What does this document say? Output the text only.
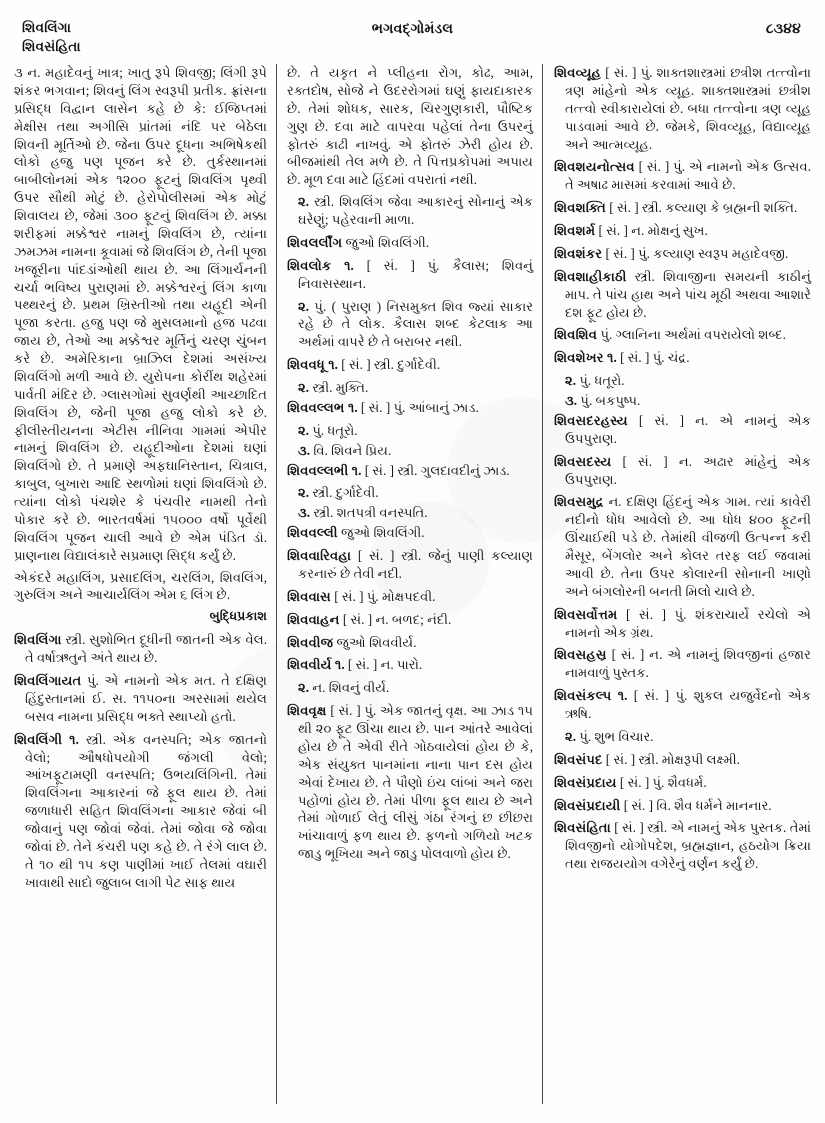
શિવલિંગા
શિવસંહિતા
ભગવદ્ગોમંડલ	૮૩૪૪

૩ ન. મહાદેવનું ખાત્ર; ખાતુ રૂપે શિવજી; લિંગી રૂપે શંકર ભગવાન; શિવનું લિંગ સ્વરૂપી પ્રતીક. ફ્રાંસના પ્રસિદ્ધ વિદ્વાન લાસેન કહે છે કે: ઈજિપ્તમાં મેક્ષીસ તથા અગીસિ પ્રાંતમાં નંદિ પર બેઠેલા શિવની મૂર્તિઓ છે. જેના ઉપર દૂધના અભિષેકથી લોકો હજુ પણ પૂજન કરે છે. તુર્કસ્થાનમાં બાબીલોનમાં એક ૧૨૦૦ ફૂટનું શિવલિંગ પૃથ્વી ઉપર સૌથી મોટું છે. હેરોપોલીસમાં એક મોટું શિવાલય છે, જેમાં ૩૦૦ ફૂટનું શિવલિંગ છે. મક્કા શરીફમાં મક્કેશ્વર નામનું શિવલિંગ છે, ત્યાંના ઝમઝમ નામના કૂવામાં જે શિવલિંગ છે, તેની પૂજા ખજૂરીના પાંદડાંઓથી થાય છે. આ લિંગાર્ચનની ચર્ચા ભવિષ્ય પુરાણમાં છે. મક્કેશ્વરનું લિંગ કાળા પથ્થરનું છે. પ્રથમ ખ્રિસ્તીઓ તથા યહૂદી એની પૂજા કરતા. હજુ પણ જે મુસલમાનો હજ પઢવા જાય છે, તેઓ આ મક્કેશ્વર મૂર્તિનું ચરણ ચુંબન કરે છે. અમેરિકાના બ્રાઝિલ દેશમાં અસંખ્ય શિવલિંગો મળી આવે છે. યુરોપના કોરીંથ શહેરમાં પાર્વતી મંદિર છે. ગ્લાસગોમાં સુવર્ણથી આચ્છાદિત શિવલિંગ છે, જેની પૂજા હજુ લોકો કરે છે. ફીલીસ્તીયનના એટીસ નીનિવા ગામમાં એપીર નામનું શિવલિંગ છે. યહૂદીઓના દેશમાં ઘણાં શિવલિંગો છે. તે પ્રમાણે અફઘાનિસ્તાન, ચિત્રાલ, કાબુલ, બુખારા આદિ સ્થળોમાં ઘણાં શિવલિંગો છે. ત્યાંના લોકો પંચશેર કે પંચવીર નામથી તેનો પોકાર કરે છે. ભારતવર્ષમાં ૧૫૦૦૦ વર્ષો પૂર્વેથી શિવલિંગ પૂજન ચાલી આવે છે એમ પંડિત ડૉ. પ્રાણનાથ વિદ્યાલંકારે સપ્રમાણ સિદ્ધ કર્યું છે.

એકંદરે મહાલિંગ, પ્રસાદલિંગ, ચરલિંગ, શિવલિંગ, ગુરુલિંગ અને આચાર્યલિંગ એમ ૬ લિંગ છે.

બુદ્ધિપ્રકાશ

શિવલિંગા સ્ત્રી. સુશોભિત દૂધીની જાતની એક વેલ. તે વર્ષાઋતુને અંતે થાય છે.

શિવલિંગાયત પું. એ નામનો એક મત. તે દક્ષિણ હિંદુસ્તાનમાં ઈ. સ. ૧૧૫૦ના અરસામાં થયેલ બસવ નામના પ્રસિદ્ધ ભક્તે સ્થાપ્યો હતો.

શિવલિંગી ૧. સ્ત્રી. એક વનસ્પતિ; એક જાતનો વેલો; ઔષધોપયોગી જંગલી વેલો; આંખફૂટામણી વનસ્પતિ; ઉભયલિંગિની. તેમાં શિવલિંગના આકારનાં જે ફૂલ થાય છે. તેમાં જળાધારી સહિત શિવલિંગના આકાર જેવાં બી જોવાનું પણ જોવાં જેવાં. તેમાં જોવા જે જોવા જોવાં છે. તેને કંચરી પણ કહે છે. તે રંગે લાલ છે. તે ૧૦ થી ૧૫ કણ પાણીમાં ખાઈ તેલમાં વઘારી ખાવાથી સાદો જુલાબ લાગી પેટ સાફ થાય

છે. તે યકૃત ને પ્લીહના રોગ, કોઢ, આમ, રક્તદોષ, સોજે ને ઉદરરોગમાં ઘણું ફાયદાકારક છે. તેમાં શોધક, સારક, ચિરગુણકારી, પૌષ્ટિક ગુણ છે. દવા માટે વાપરવા પહેલાં તેના ઉપરનું ફોતરું કાઢી નાખવું. એ ફોતરું ઝેરી હોય છે. બીજમાંથી તેલ મળે છે. તે પિત્તપ્રકોપમાં અપાય છે. મૂળ દવા માટે હિંદમાં વપરાતાં નથી.

૨. સ્ત્રી. શિવલિંગ જેવા આકારનું સોનાનું એક ઘરેણું; પહેરવાની માળા.

શિવલર્લીંગ જુઓ શિવલિંગી.

શિવલોક ૧. [ સં. ] પું. કૈલાસ; શિવનું નિવાસસ્થાન.

૨. પું. ( પુરાણ ) નિસમુક્ત શિવ જ્યાં સાકાર રહે છે તે લોક. કૈલાસ શબ્દ કેટલાક આ અર્થમાં વાપરે છે તે બરાબર નથી.

શિવવધૂ ૧. [ સં. ] સ્ત્રી. દુર્ગાદેવી.

૨. સ્ત્રી. મુક્તિ.

શિવવલ્લભ ૧. [ સં. ] પું. આંબાનું ઝાડ.

૨. પું. ધતૂરો.

૩. વિ. શિવને પ્રિય.

શિવવલ્લભી ૧. [ સં. ] સ્ત્રી. ગુલદાવદીનું ઝાડ.

૨. સ્ત્રી. દુર્ગાદેવી.

૩. સ્ત્રી. શતપત્રી વનસ્પતિ.

શિવવલ્લી જુઓ શિવલિંગી.

શિવવારિવહા [ સં. ] સ્ત્રી. જેનું પાણી કલ્યાણ કરનારું છે તેવી નદી.

શિવવાસ [ સં. ] પું. મોક્ષપદવી.

શિવવાહન [ સં. ] ન. બળદ; નંદી.

શિવવીજ જુઓ શિવવીર્ય.

શિવવીર્ય ૧. [ સં. ] ન. પારો.

૨. ન. શિવનું વીર્ય.

શિવવૃક્ષ [ સં. ] પું. એક જાતનું વૃક્ષ. આ ઝાડ ૧૫ થી ૨૦ ફૂટ ઊંચા થાય છે. પાન આંતરે આવેલાં હોય છે તે એવી રીતે ગોઠવાયેલાં હોય છે કે, એક સંયુક્ત પાનમાંના નાના પાન દસ હોય એવાં દેખાય છે. તે પૌણો ઇંચ લાંબાં અને જરા પહોળાં હોય છે. તેમાં પીળા ફૂલ થાય છે અને તેમાં ગોળાઈ લેતું લીસું ગંઠા રંગનું છ છીછરા ખાંચાવાળું ફળ થાય છે. ફળનો ગળિયો ખટક જાડુ ભૂખિયા અને જાડુ પોલવાળો હોય છે.

શિવવ્યૂહ [ સં. ] પું. શાક્તશાસ્ત્રમાં છત્રીશ તત્ત્વોના ત્રણ માંહેનો એક વ્યૂહ. શાક્તશાસ્ત્રમાં છત્રીશ તત્ત્વો સ્વીકારાયેલાં છે. બધા તત્ત્વોના ત્રણ વ્યૂહ પાડવામાં આવે છે. જેમકે, શિવવ્યૂહ, વિદ્યાવ્યૂહ અને આત્મવ્યૂહ.

શિવશયનોત્સવ [ સં. ] પું. એ નામનો એક ઉત્સવ. તે અષાઢ માસમાં કરવામાં આવે છે.

શિવશક્તિ [ સં. ] સ્ત્રી. કલ્યાણ કે બ્રહ્મની શક્તિ.

શિવશર્મ [ સં. ] ન. મોક્ષનું સુખ.

શિવશંકર [ સં. ] પું. કલ્યાણ સ્વરૂપ મહાદેવજી.

શિવશાહીકાઠી સ્ત્રી. શિવાજીના સમયની કાઠીનું માપ. તે પાંચ હાથ અને પાંચ મૂઠી અથવા આશારે દશ ફૂટ હોય છે.

શિવશિવ પું. ગ્લાનિના અર્થમાં વપરાયેલો શબ્દ.

શિવશેખર ૧. [ સં. ] પું. ચંદ્ર.

૨. પું. ધતૂરો.

૩. પું. બકપુષ્પ.

શિવસદરહસ્ય [ સં. ] ન. એ નામનું એક ઉપપુરાણ.

શિવસદસ્ય [ સં. ] ન. અઢાર માંહેનું એક ઉપપુરાણ.

શિવસમુદ્ર ન. દક્ષિણ હિંદનું એક ગામ. ત્યાં કાવેરી નદીનો ધોધ આવેલો છે. આ ધોધ ૪૦૦ ફૂટની ઊંચાઈથી પડે છે. તેમાંથી વીજળી ઉત્પન્ન કરી મૈસૂર, બેંગલોર અને કોલર તરફ લઈ જવામાં આવી છે. તેના ઉપર કોલારની સોનાની ખાણો અને બંગલોરની બનતી મિલો ચાલે છે.

શિવસર્વોત્તમ [ સં. ] પું. શંકરાચાર્યે રચેલો એ નામનો એક ગ્રંથ.

શિવસહસ્ર [ સં. ] ન. એ નામનું શિવજીનાં હજાર નામવાળું પુસ્તક.

શિવસંકલ્પ ૧. [ સં. ] પું. શુકલ યજુર્વેદનો એક ઋષિ.

૨. પું. શુભ વિચાર.

શિવસંપદ [ સં. ] સ્ત્રી. મોક્ષરૂપી લક્ષ્મી.

શિવસંપ્રદાય [ સં. ] પું. શૈવધર્મ.

શિવસંપ્રદાયી [ સં. ] વિ. શૈવ ધર્મને માનનાર.

શિવસંહિતા [ સં. ] સ્ત્રી. એ નામનું એક પુસ્તક. તેમાં શિવજીનો યોગોપદેશ, બ્રહ્મજ્ઞાન, હઠયોગ ક્રિયા તથા રાજયયોગ વગેરેનું વર્ણન કર્યું છે.
